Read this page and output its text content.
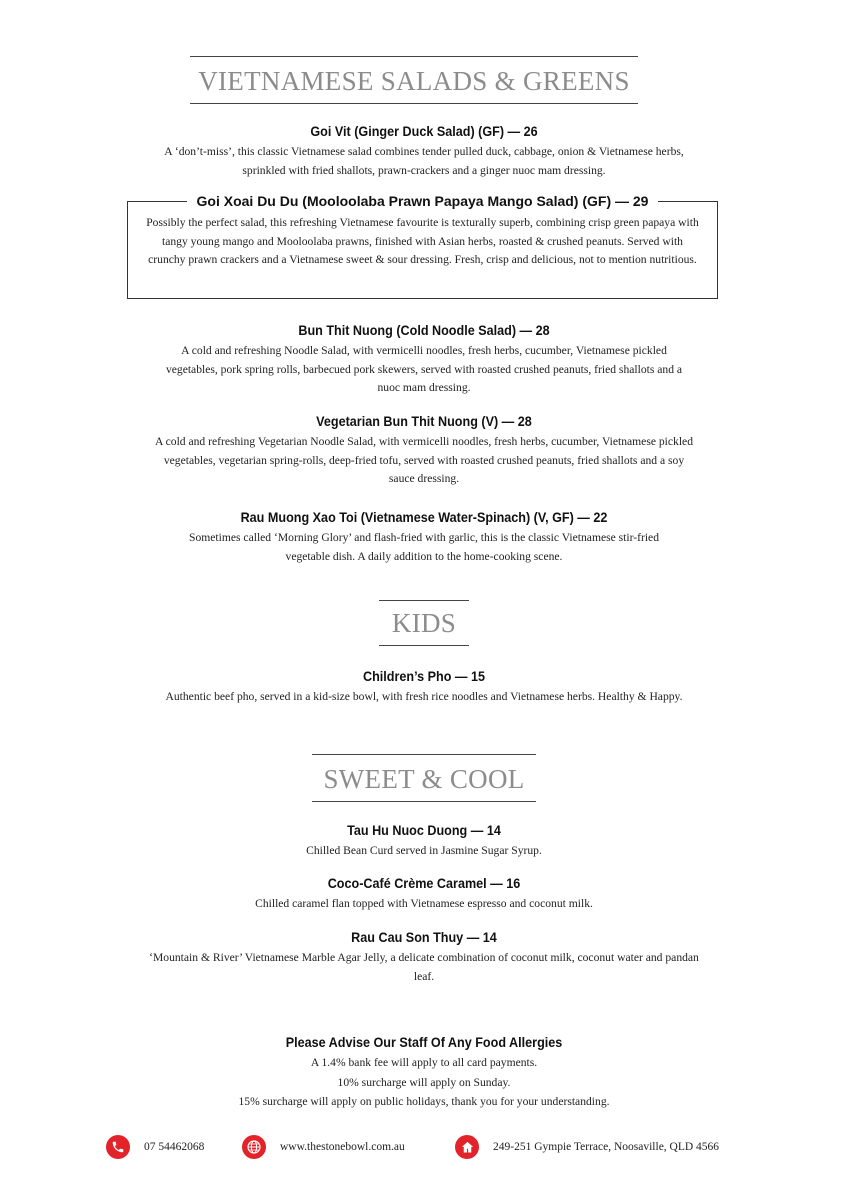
VIETNAMESE SALADS & GREENS
Goi Vit (Ginger Duck Salad) (GF) — 26
A ‘don’t-miss’, this classic Vietnamese salad combines tender pulled duck, cabbage, onion & Vietnamese herbs, sprinkled with fried shallots, prawn-crackers and a ginger nuoc mam dressing.
Goi Xoai Du Du (Mooloolaba Prawn Papaya Mango Salad) (GF) — 29
Possibly the perfect salad, this refreshing Vietnamese favourite is texturally superb, combining crisp green papaya with tangy young mango and Mooloolaba prawns, finished with Asian herbs, roasted & crushed peanuts. Served with crunchy prawn crackers and a Vietnamese sweet & sour dressing. Fresh, crisp and delicious, not to mention nutritious.
Bun Thit Nuong (Cold Noodle Salad) — 28
A cold and refreshing Noodle Salad, with vermicelli noodles, fresh herbs, cucumber, Vietnamese pickled vegetables, pork spring rolls, barbecued pork skewers, served with roasted crushed peanuts, fried shallots and a nuoc mam dressing.
Vegetarian Bun Thit Nuong (V) — 28
A cold and refreshing Vegetarian Noodle Salad, with vermicelli noodles, fresh herbs, cucumber, Vietnamese pickled vegetables, vegetarian spring-rolls, deep-fried tofu, served with roasted crushed peanuts, fried shallots and a soy sauce dressing.
Rau Muong Xao Toi (Vietnamese Water-Spinach) (V, GF) — 22
Sometimes called ‘Morning Glory’ and flash-fried with garlic, this is the classic Vietnamese stir-fried vegetable dish. A daily addition to the home-cooking scene.
KIDS
Children’s Pho — 15
Authentic beef pho, served in a kid-size bowl, with fresh rice noodles and Vietnamese herbs. Healthy & Happy.
SWEET & COOL
Tau Hu Nuoc Duong — 14
Chilled Bean Curd served in Jasmine Sugar Syrup.
Coco-Café Crème Caramel — 16
Chilled caramel flan topped with Vietnamese espresso and coconut milk.
Rau Cau Son Thuy — 14
‘Mountain & River’ Vietnamese Marble Agar Jelly, a delicate combination of coconut milk, coconut water and pandan leaf.
Please Advise Our Staff Of Any Food Allergies
A 1.4% bank fee will apply to all card payments.
10% surcharge will apply on Sunday.
15% surcharge will apply on public holidays, thank you for your understanding.
07 54462068	www.thestonebowl.com.au	249-251 Gympie Terrace, Noosaville, QLD 4566
